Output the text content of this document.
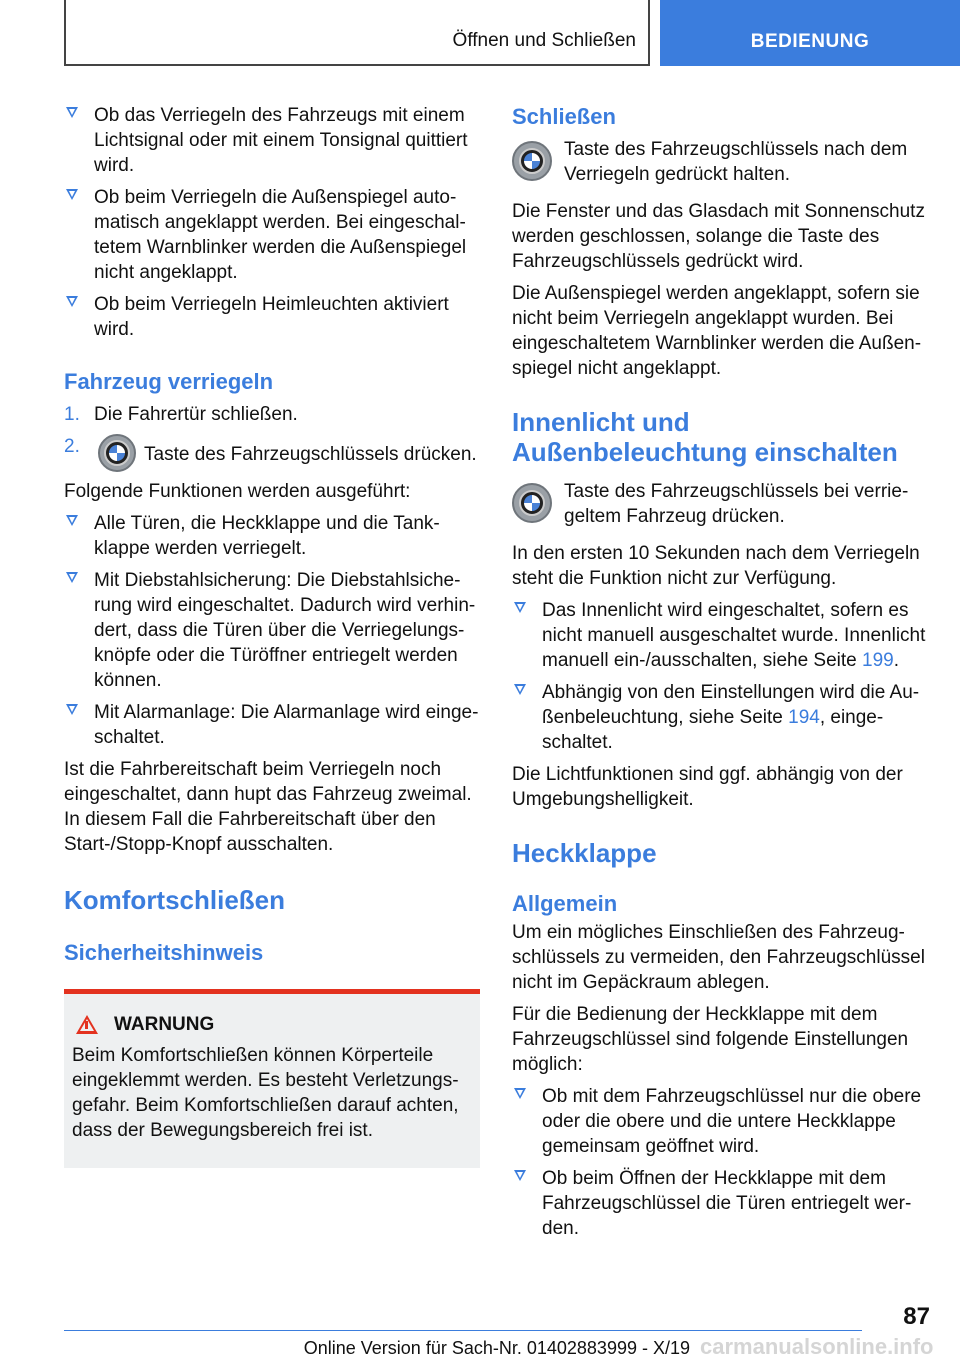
Öffnen und Schließen	BEDIENUNG
Ob das Verriegeln des Fahrzeugs mit einem Lichtsignal oder mit einem Tonsignal quittiert wird.
Ob beim Verriegeln die Außenspiegel automatisch angeklappt werden. Bei eingeschaltetem Warnblinker werden die Außenspiegel nicht angeklappt.
Ob beim Verriegeln Heimleuchten aktiviert wird.
Fahrzeug verriegeln
1. Die Fahrertür schließen.
2.	Taste des Fahrzeugschlüssels drücken.

Folgende Funktionen werden ausgeführt:

Alle Türen, die Heckklappe und die Tankklappe werden verriegelt.
Mit Diebstahlsicherung: Die Diebstahlsicherung wird eingeschaltet. Dadurch wird verhindert, dass die Türen über die Verriegelungsknöpfe oder die Türöffner entriegelt werden können.
Mit Alarmanlage: Die Alarmanlage wird eingeschaltet.

Ist die Fahrbereitschaft beim Verriegeln noch eingeschaltet, dann hupt das Fahrzeug zweimal. In diesem Fall die Fahrbereitschaft über den Start-/Stopp-Knopf ausschalten.

Komfortschließen
Sicherheitshinweis
WARNUNG

Beim Komfortschließen können Körperteile eingeklemmt werden. Es besteht Verletzungsgefahr. Beim Komfortschließen darauf achten, dass der Bewegungsbereich frei ist.

Schließen
Taste des Fahrzeugschlüssels nach dem Verriegeln gedrückt halten.

Die Fenster und das Glasdach mit Sonnenschutz werden geschlossen, solange die Taste des Fahrzeugschlüssels gedrückt wird.

Die Außenspiegel werden angeklappt, sofern sie nicht beim Verriegeln angeklappt wurden. Bei eingeschaltetem Warnblinker werden die Außenspiegel nicht angeklappt.

Innenlicht und
Außenbeleuchtung einschalten
Taste des Fahrzeugschlüssels bei verriegeltem Fahrzeug drücken.

In den ersten 10 Sekunden nach dem Verriegeln steht die Funktion nicht zur Verfügung.

Das Innenlicht wird eingeschaltet, sofern es nicht manuell ausgeschaltet wurde. Innenlicht manuell ein-/ausschalten, siehe Seite 199.
Abhängig von den Einstellungen wird die Außenbeleuchtung, siehe Seite 194, eingeschaltet.

Die Lichtfunktionen sind ggf. abhängig von der Umgebungshelligkeit.

Heckklappe
Allgemein

Um ein mögliches Einschließen des Fahrzeugschlüssels zu vermeiden, den Fahrzeugschlüssel nicht im Gepäckraum ablegen.

Für die Bedienung der Heckklappe mit dem Fahrzeugschlüssel sind folgende Einstellungen möglich:

Ob mit dem Fahrzeugschlüssel nur die obere oder die obere und die untere Heckklappe gemeinsam geöffnet wird.
Ob beim Öffnen der Heckklappe mit dem Fahrzeugschlüssel die Türen entriegelt werden.
87
Online Version für Sach-Nr. 01402883999 - X/19 carmanualsonline.info
